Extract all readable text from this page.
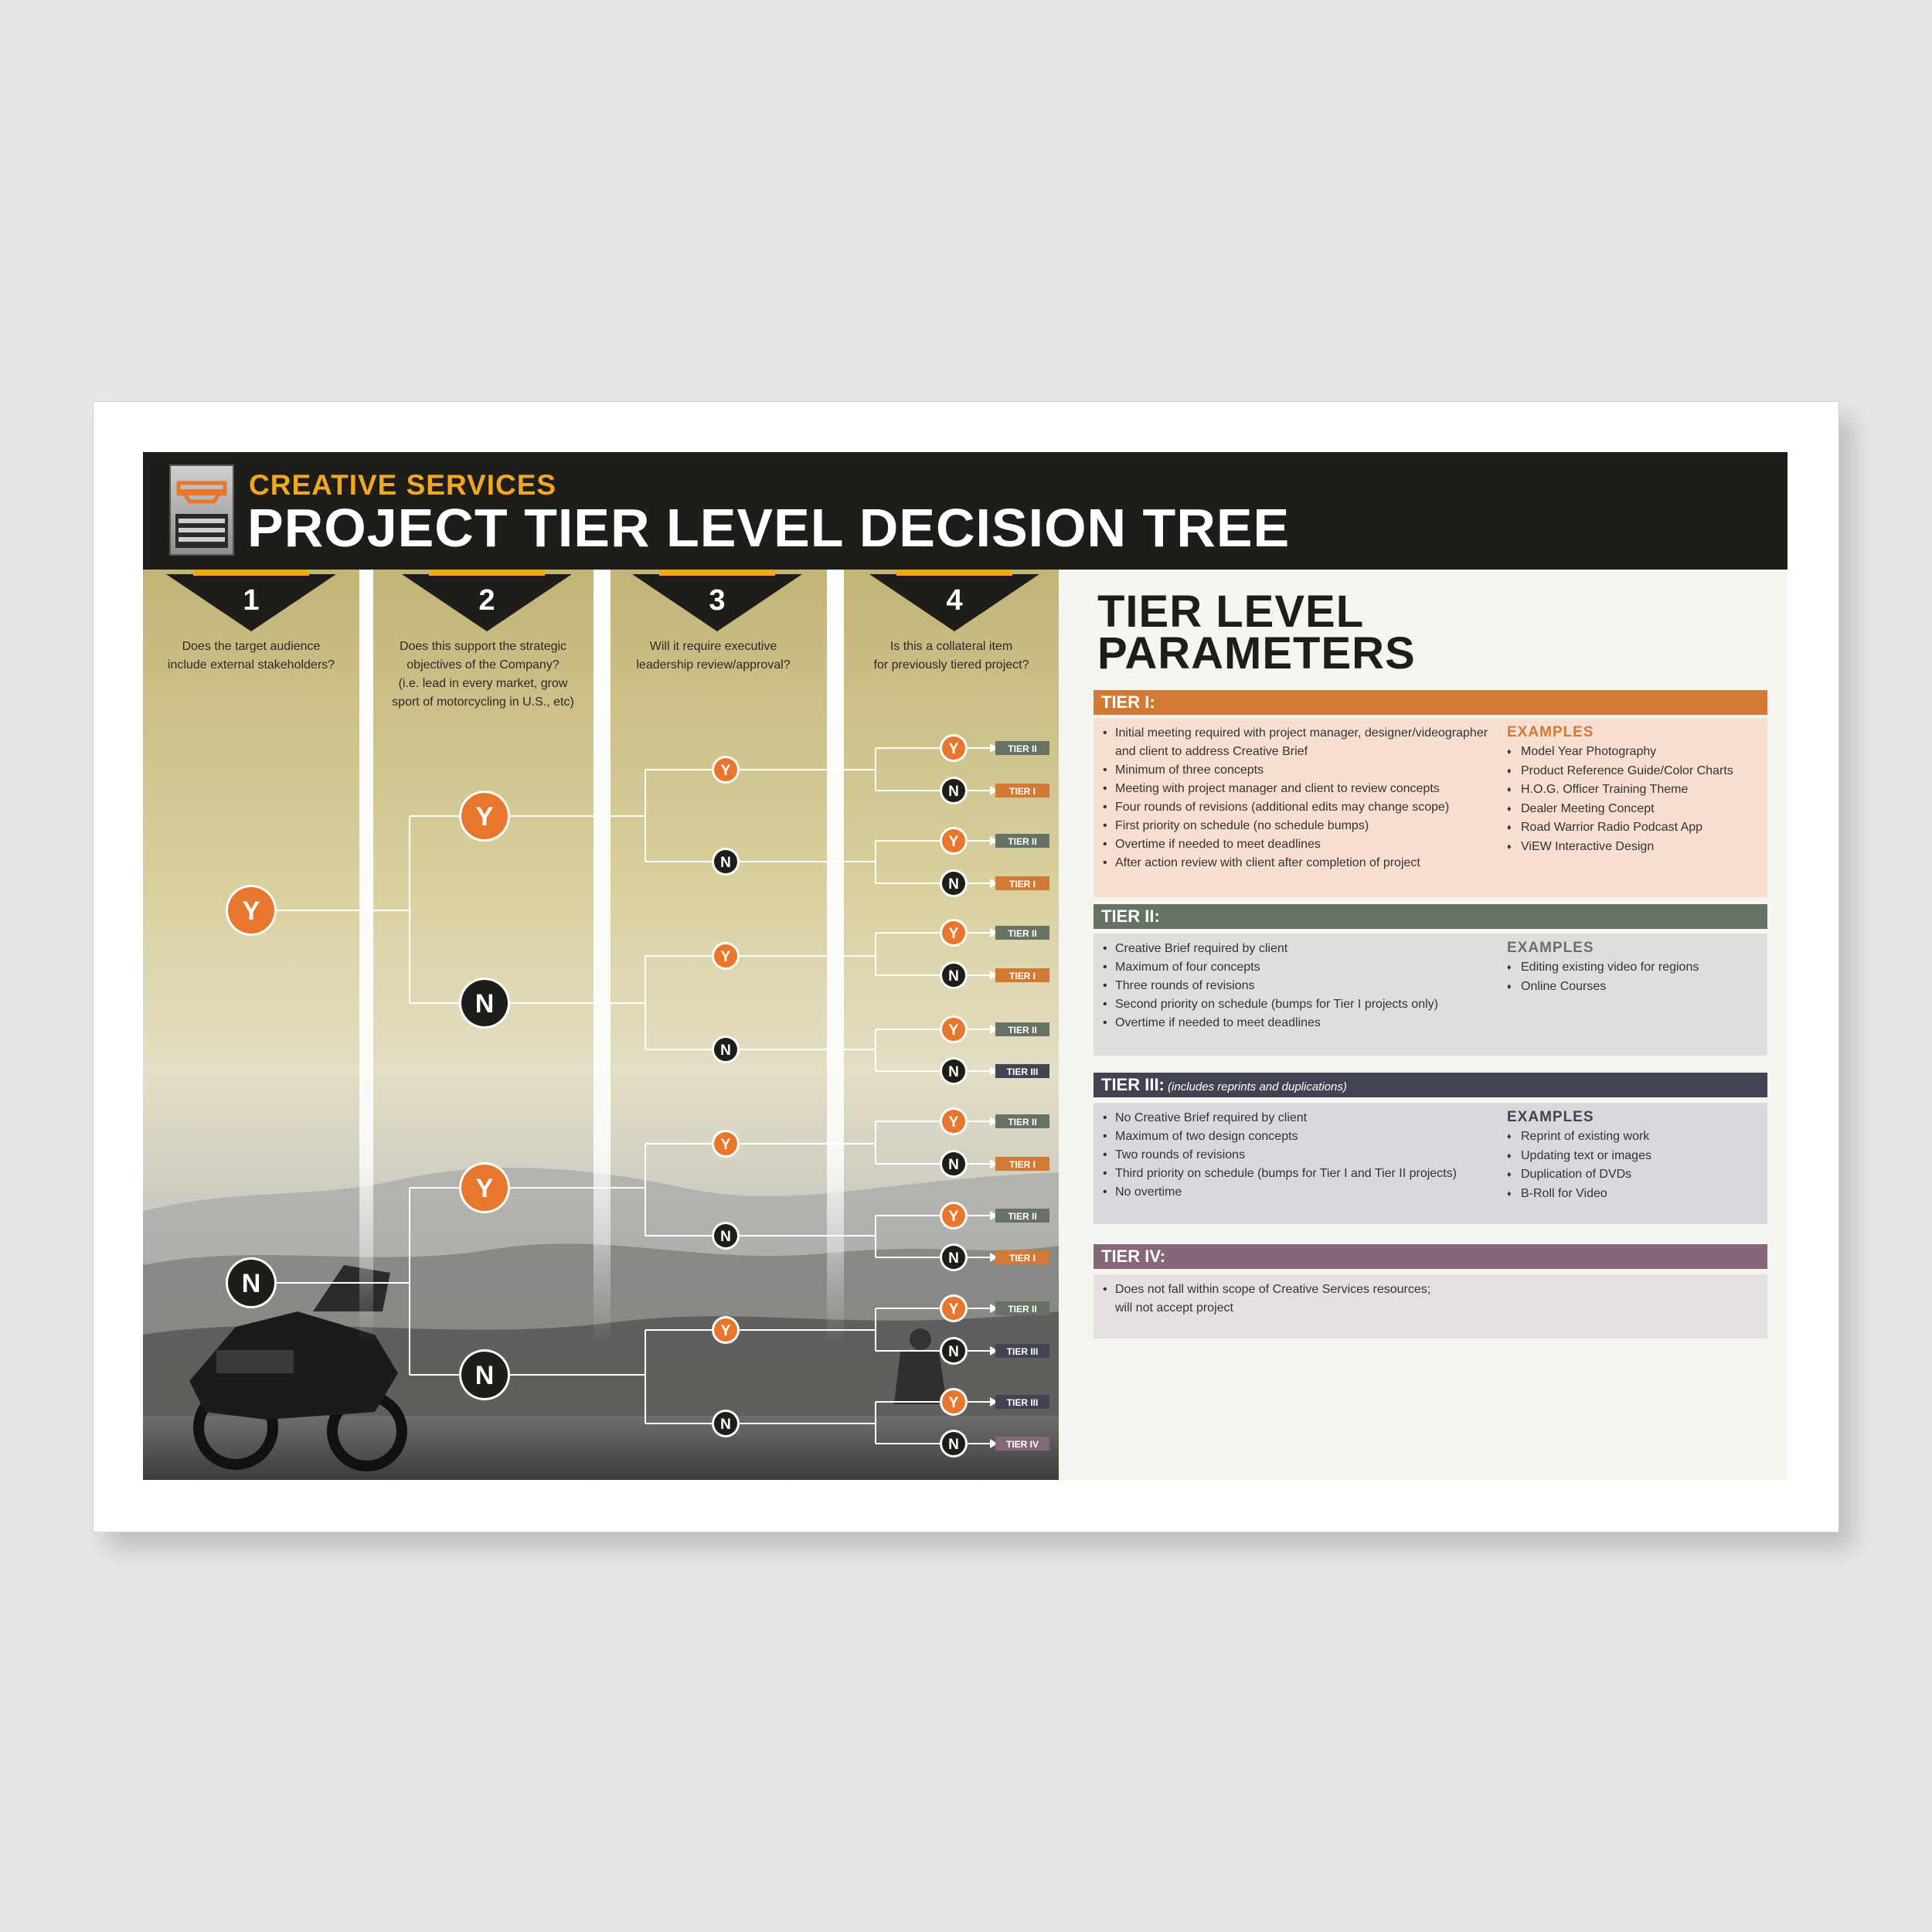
CREATIVE SERVICES
PROJECT TIER LEVEL DECISION TREE
1	2	3	4
Y
N
Y
N
Y
N
Y
N
Y
N
Y
N
Y
N
Y
N
Y
N
Y
N
Y
N
Y
N
Y
N
Y
N
Y
N
TIER II
TIER I
TIER II
TIER I
TIER II
TIER I
TIER II
TIER III
TIER II
TIER I
TIER II
TIER I
TIER II
TIER III
TIER III
TIER IV
Does the target audience
include external stakeholders?
Does this support the strategic
objectives of the Company?
(i.e. lead in every market, grow
sport of motorcycling in U.S., etc)
Will it require executive
leadership review/approval?
Is this a collateral item
for previously tiered project?
TIER LEVEL
PARAMETERS
TIER I:
• Initial meeting required with project manager, designer/videographer
and client to address Creative Brief
• Minimum of three concepts
• Meeting with project manager and client to review concepts
• Four rounds of revisions (additional edits may change scope)
• First priority on schedule (no schedule bumps)
• Overtime if needed to meet deadlines
• After action review with client after completion of project
EXAMPLES
♦ Model Year Photography
♦ Product Reference Guide/Color Charts
♦ H.O.G. Officer Training Theme
♦ Dealer Meeting Concept
♦ Road Warrior Radio Podcast App
♦ ViEW Interactive Design
TIER II:
• Creative Brief required by client
• Maximum of four concepts
• Three rounds of revisions
• Second priority on schedule (bumps for Tier I projects only)
• Overtime if needed to meet deadlines
EXAMPLES
♦ Editing existing video for regions
♦ Online Courses
TIER III: (includes reprints and duplications)
• No Creative Brief required by client
• Maximum of two design concepts
• Two rounds of revisions
• Third priority on schedule (bumps for Tier I and Tier II projects)
• No overtime
EXAMPLES
♦ Reprint of existing work
♦ Updating text or images
♦ Duplication of DVDs
♦ B-Roll for Video
TIER IV:
• Does not fall within scope of Creative Services resources;
will not accept project
